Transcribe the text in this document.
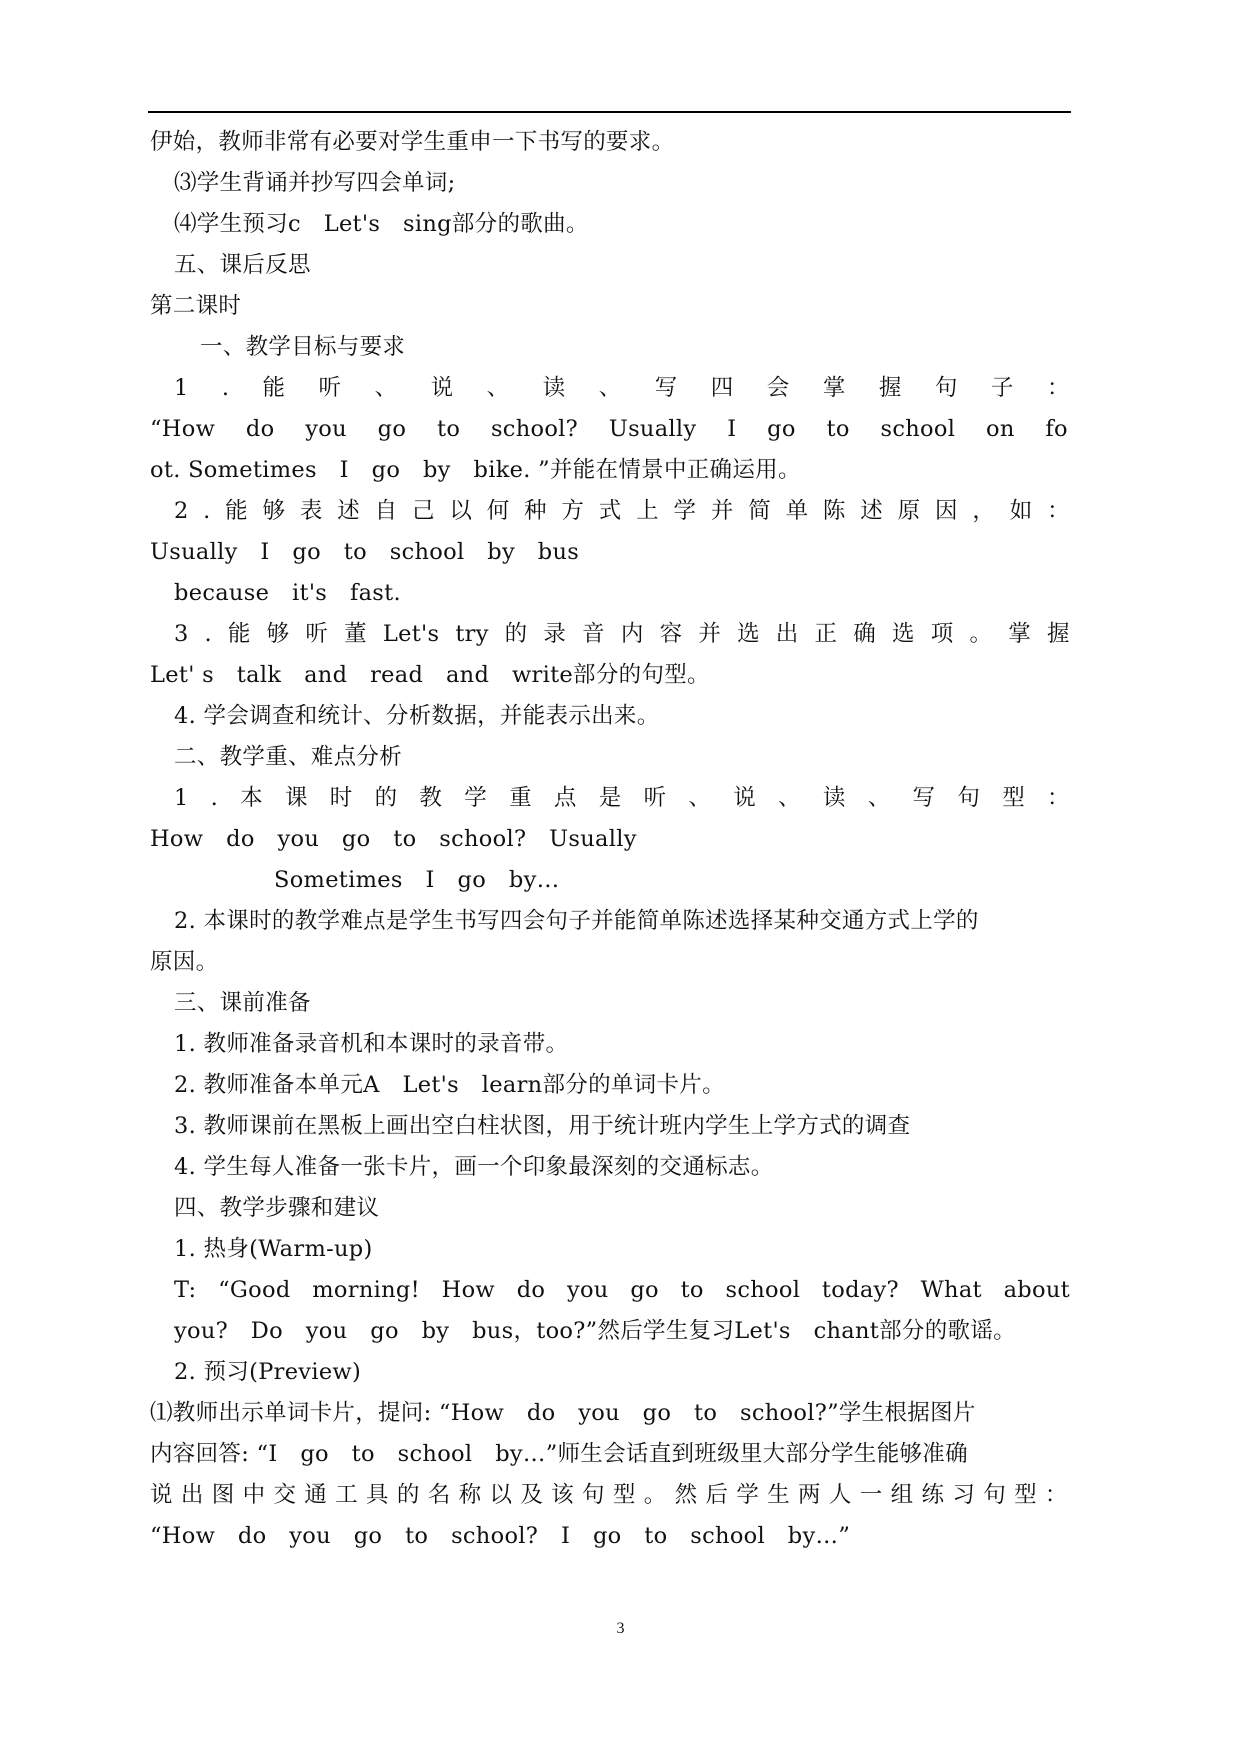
伊始，教师非常有必要对学生重申一下书写的要求。
⑶学生背诵并抄写四会单词;
⑷学生预习c　Let's　sing部分的歌曲。
五、课后反思
第二课时
一、教学目标与要求
1 . 能 听 、 说 、 读 、 写 四 会 掌 握 句 子 ：
“How do you go to school? Usually I go to school on fo
ot. Sometimes　I　go　by　bike. ”并能在情景中正确运用。
2 . 能 够 表 述 自 己 以 何 种 方 式 上 学 并 简 单 陈 述 原 因 ， 如 ：
Usually　I　go　to　school　by　bus
because　it's　fast.
3 . 能 够 听 董 Let's try 的 录 音 内 容 并 选 出 正 确 选 项 。 掌 握
Let' s　talk　and　read　and　write部分的句型。
4. 学会调查和统计、分析数据，并能表示出来。
二、教学重、难点分析
1 . 本 课 时 的 教 学 重 点 是 听 、 说 、 读 、 写 句 型 ：
How　do　you　go　to　school?　Usually
Sometimes　I　go　by…
2. 本课时的教学难点是学生书写四会句子并能简单陈述选择某种交通方式上学的
原因。
三、课前准备
1. 教师准备录音机和本课时的录音带。
2. 教师准备本单元A　Let's　learn部分的单词卡片。
3. 教师课前在黑板上画出空白柱状图，用于统计班内学生上学方式的调查
4. 学生每人准备一张卡片，画一个印象最深刻的交通标志。
四、教学步骤和建议
1. 热身(Warm-up)
T: “Good morning! How do you go to school today? What about
you?　Do　you　go　by　bus，too?”然后学生复习Let's　chant部分的歌谣。
2. 预习(Preview)
⑴教师出示单词卡片，提问: “How　do　you　go　to　school?”学生根据图片
内容回答: “I　go　to　school　by…”师生会话直到班级里大部分学生能够准确
说 出 图 中 交 通 工 具 的 名 称 以 及 该 句 型 。 然 后 学 生 两 人 一 组 练 习 句 型 ：
“How　do　you　go　to　school?　I　go　to　school　by…”
3
